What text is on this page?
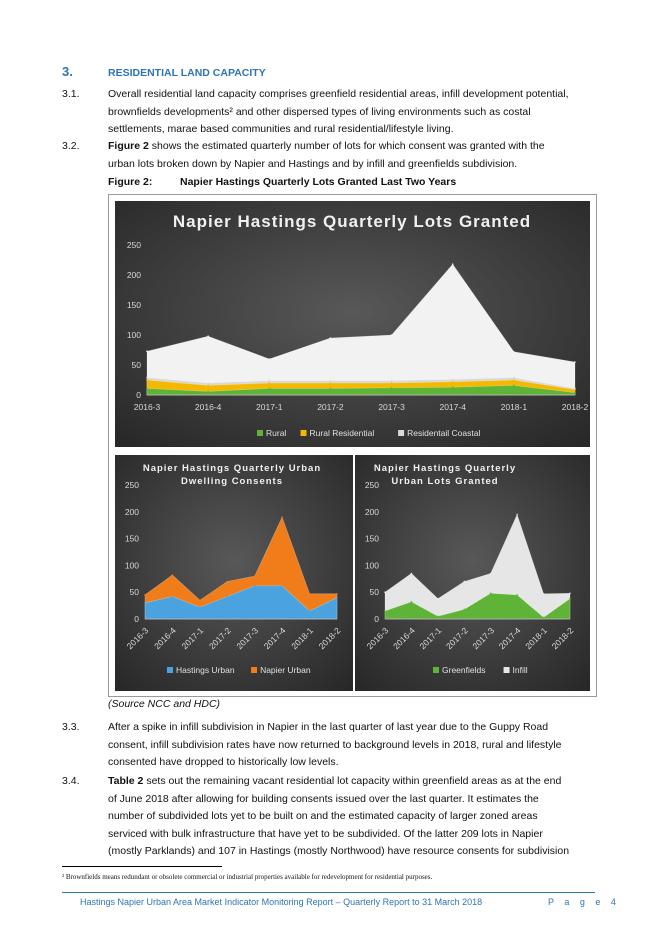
3.	RESIDENTIAL LAND CAPACITY
3.1.	Overall residential land capacity comprises greenfield residential areas, infill development potential,
brownfields developments² and other dispersed types of living environments such as costal
settlements, marae based communities and rural residential/lifestyle living.
3.2.	Figure 2 shows the estimated quarterly number of lots for which consent was granted with the
urban lots broken down by Napier and Hastings and by infill and greenfields subdivision.
Figure 2:	Napier Hastings Quarterly Lots Granted Last Two Years
Napier Hastings Quarterly Lots Granted
0
50
100
150
200
250
2016-3	2016-4	2017-1	2017-2	2017-3	2017-4	2018-1	2018-2
Rural	Rural Residential	Residentail Coastal
Napier Hastings Quarterly Urban
Dwelling Consents
0
50
100
150
200
250
2016-3 2016-4 2017-1 2017-2 2017-3 2017-4 2018-1 2018-2
Hastings Urban	Napier Urban
Napier Hastings Quarterly
Urban Lots Granted
0
50
100
150
200
250
2016-3 2016-4 2017-1 2017-2 2017-3 2017-4 2018-1 2018-2
Greenfields	Infill
(Source NCC and HDC)
3.3.	After a spike in infill subdivision in Napier in the last quarter of last year due to the Guppy Road
consent, infill subdivision rates have now returned to background levels in 2018, rural and lifestyle
consented have dropped to historically low levels.
3.4.	Table 2 sets out the remaining vacant residential lot capacity within greenfield areas as at the end
of June 2018 after allowing for building consents issued over the last quarter. It estimates the
number of subdivided lots yet to be built on and the estimated capacity of larger zoned areas
serviced with bulk infrastructure that have yet to be subdivided. Of the latter 209 lots in Napier
(mostly Parklands) and 107 in Hastings (mostly Northwood) have resource consents for subdivision
² Brownfields means redundant or obsolete commercial or industrial properties available for redevelopment for residential purposes.
Hastings Napier Urban Area Market Indicator Monitoring Report – Quarterly Report to 31 March 2018	P a g e 4
